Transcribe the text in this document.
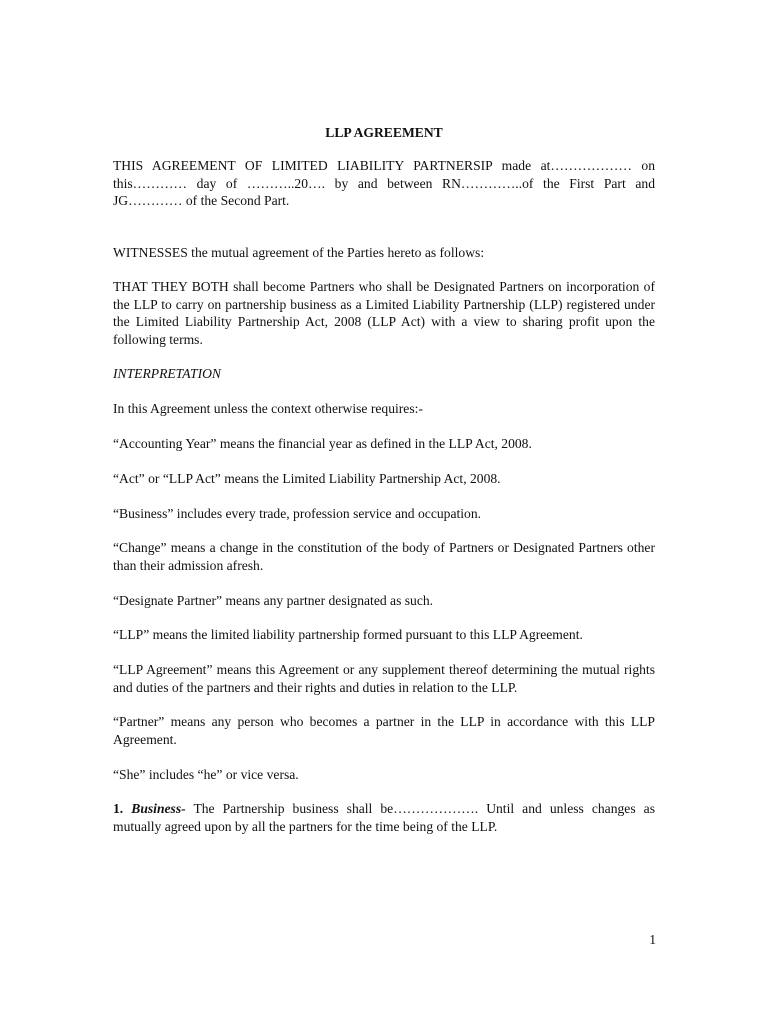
LLP AGREEMENT

THIS AGREEMENT OF LIMITED LIABILITY PARTNERSIP made at……………… on this………… day of ………..20…. by and between RN…………..of the First Part and JG………… of the Second Part.

WITNESSES the mutual agreement of the Parties hereto as follows:

THAT THEY BOTH shall become Partners who shall be Designated Partners on incorporation of the LLP to carry on partnership business as a Limited Liability Partnership (LLP) registered under the Limited Liability Partnership Act, 2008 (LLP Act) with a view to sharing profit upon the following terms.

INTERPRETATION

In this Agreement unless the context otherwise requires:-

“Accounting Year” means the financial year as defined in the LLP Act, 2008.

“Act” or “LLP Act” means the Limited Liability Partnership Act, 2008.

“Business” includes every trade, profession service and occupation.

“Change” means a change in the constitution of the body of Partners or Designated Partners other than their admission afresh.

“Designate Partner” means any partner designated as such.

“LLP” means the limited liability partnership formed pursuant to this LLP Agreement.

“LLP Agreement” means this Agreement or any supplement thereof determining the mutual rights and duties of the partners and their rights and duties in relation to the LLP.

“Partner” means any person who becomes a partner in the LLP in accordance with this LLP Agreement.

“She” includes “he” or vice versa.

1. Business- The Partnership business shall be………………. Until and unless changes as mutually agreed upon by all the partners for the time being of the LLP.

1
